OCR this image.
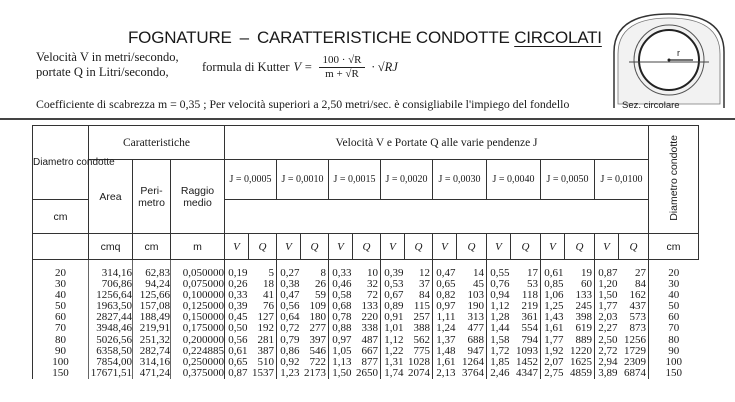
FOGNATURE – CARATTERISTICHE CONDOTTE CIRCOLATI
Velocità V in metri/secondo,
portate Q in Litri/secondo,	formula di Kutter $V = \frac{100 \cdot √R}{m + √R} \cdot √RJ$
Coefficiente di scabrezza m = 0,35 ; Per velocità superiori a 2,50 metri/sec. è consigliabile l'impiego del fondello
r
Sez. circolare
Diametro condotte	Caratteristiche			Velocità V e Portate Q alle varie pendenze J																Diametro condotte
	Area	Peri- metro	Raggio medio	J = 0,0005		J = 0,0010		J = 0,0015		J = 0,0020		J = 0,0030		J = 0,0040		J = 0,0050		J = 0,0100		
cm																			
	cmq	cm	m	V	Q	V	Q	V	Q	V	Q	V	Q	V	Q	V	Q	V	Q	cm
20	314,16	62,83	0,050000	0,19	5	0,27	8	0,33	10	0,39	12	0,47	14	0,55	17	0,61	19	0,87	27	20
30	706,86	94,24	0,075000	0,26	18	0,38	26	0,46	32	0,53	37	0,65	45	0,76	53	0,85	60	1,20	84	30
40	1256,64	125,66	0,100000	0,33	41	0,47	59	0,58	72	0,67	84	0,82	103	0,94	118	1,06	133	1,50	162	40
50	1963,50	157,08	0,125000	0,39	76	0,56	109	0,68	133	0,89	115	0,97	190	1,12	219	1,25	245	1,77	437	50
60	2827,44	188,49	0,150000	0,45	127	0,64	180	0,78	220	0,91	257	1,11	313	1,28	361	1,43	398	2,03	573	60
70	3948,46	219,91	0,175000	0,50	192	0,72	277	0,88	338	1,01	388	1,24	477	1,44	554	1,61	619	2,27	873	70
80	5026,56	251,32	0,200000	0,56	281	0,79	397	0,97	487	1,12	562	1,37	688	1,58	794	1,77	889	2,50	1256	80
90	6358,50	282,74	0,224885	0,61	387	0,86	546	1,05	667	1,22	775	1,48	947	1,72	1093	1,92	1220	2,72	1729	90
100	7854,00	314,16	0,250000	0,65	510	0,92	722	1,13	877	1,31	1028	1,61	1264	1,85	1452	2,07	1625	2,94	2309	100
150	17671,51	471,24	0,375000	0,87	1537	1,23	2173	1,50	2650	1,74	2074	2,13	3764	2,46	4347	2,75	4859	3,89	6874	150
